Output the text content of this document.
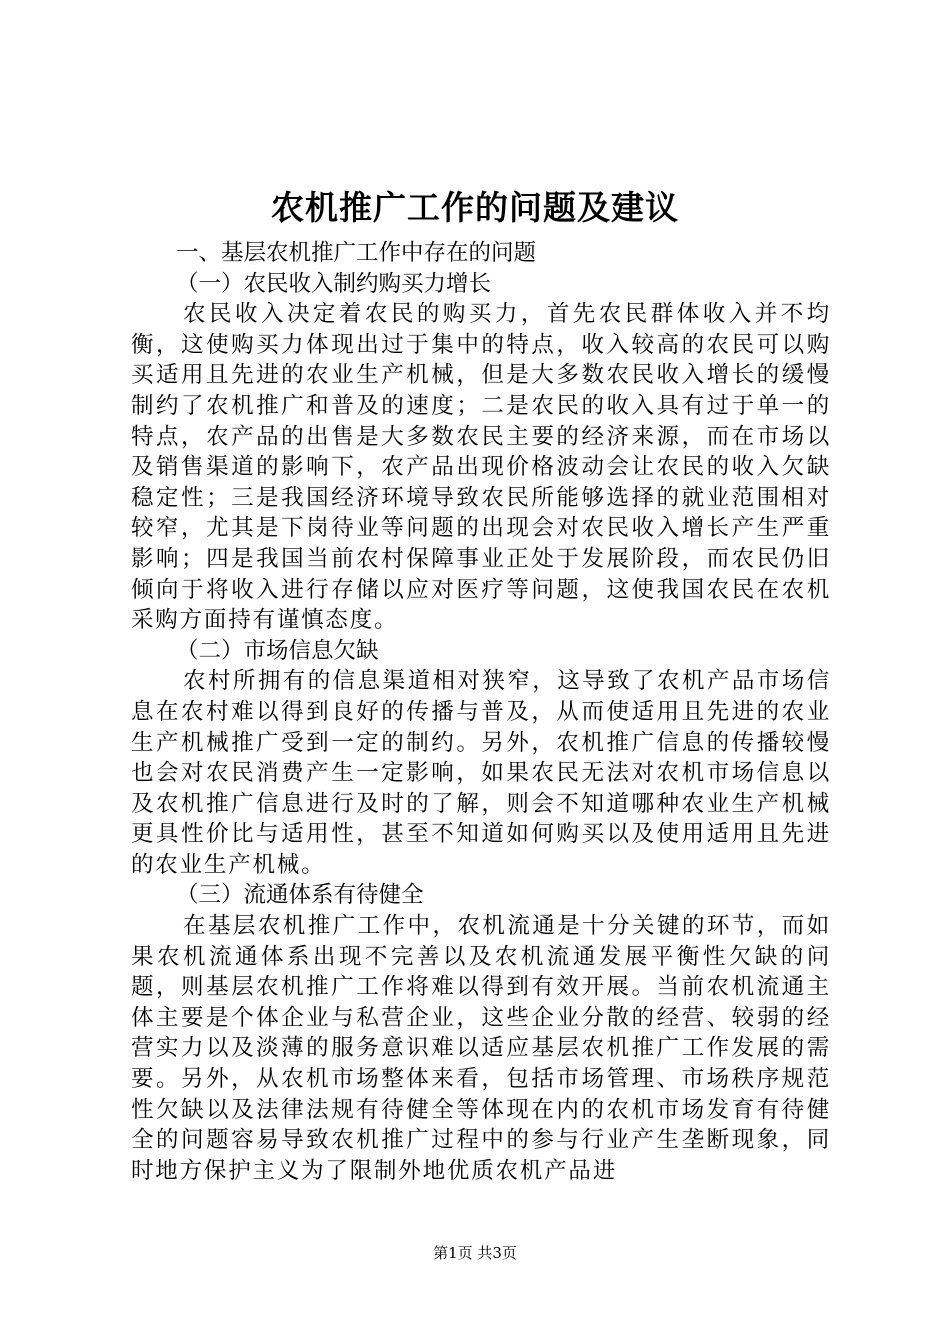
农机推广工作的问题及建议

一、基层农机推广工作中存在的问题

（一）农民收入制约购买力增长

农民收入决定着农民的购买力，首先农民群体收入并不均衡，这使购买力体现出过于集中的特点，收入较高的农民可以购买适用且先进的农业生产机械，但是大多数农民收入增长的缓慢制约了农机推广和普及的速度；二是农民的收入具有过于单一的特点，农产品的出售是大多数农民主要的经济来源，而在市场以及销售渠道的影响下，农产品出现价格波动会让农民的收入欠缺稳定性；三是我国经济环境导致农民所能够选择的就业范围相对较窄，尤其是下岗待业等问题的出现会对农民收入增长产生严重影响；四是我国当前农村保障事业正处于发展阶段，而农民仍旧倾向于将收入进行存储以应对医疗等问题，这使我国农民在农机采购方面持有谨慎态度。

（二）市场信息欠缺

农村所拥有的信息渠道相对狭窄，这导致了农机产品市场信息在农村难以得到良好的传播与普及，从而使适用且先进的农业生产机械推广受到一定的制约。另外，农机推广信息的传播较慢也会对农民消费产生一定影响，如果农民无法对农机市场信息以及农机推广信息进行及时的了解，则会不知道哪种农业生产机械更具性价比与适用性，甚至不知道如何购买以及使用适用且先进的农业生产机械。

（三）流通体系有待健全

在基层农机推广工作中，农机流通是十分关键的环节，而如果农机流通体系出现不完善以及农机流通发展平衡性欠缺的问题，则基层农机推广工作将难以得到有效开展。当前农机流通主体主要是个体企业与私营企业，这些企业分散的经营、较弱的经营实力以及淡薄的服务意识难以适应基层农机推广工作发展的需要。另外，从农机市场整体来看，包括市场管理、市场秩序规范性欠缺以及法律法规有待健全等体现在内的农机市场发育有待健全的问题容易导致农机推广过程中的参与行业产生垄断现象，同时地方保护主义为了限制外地优质农机产品进

第1页 共3页
